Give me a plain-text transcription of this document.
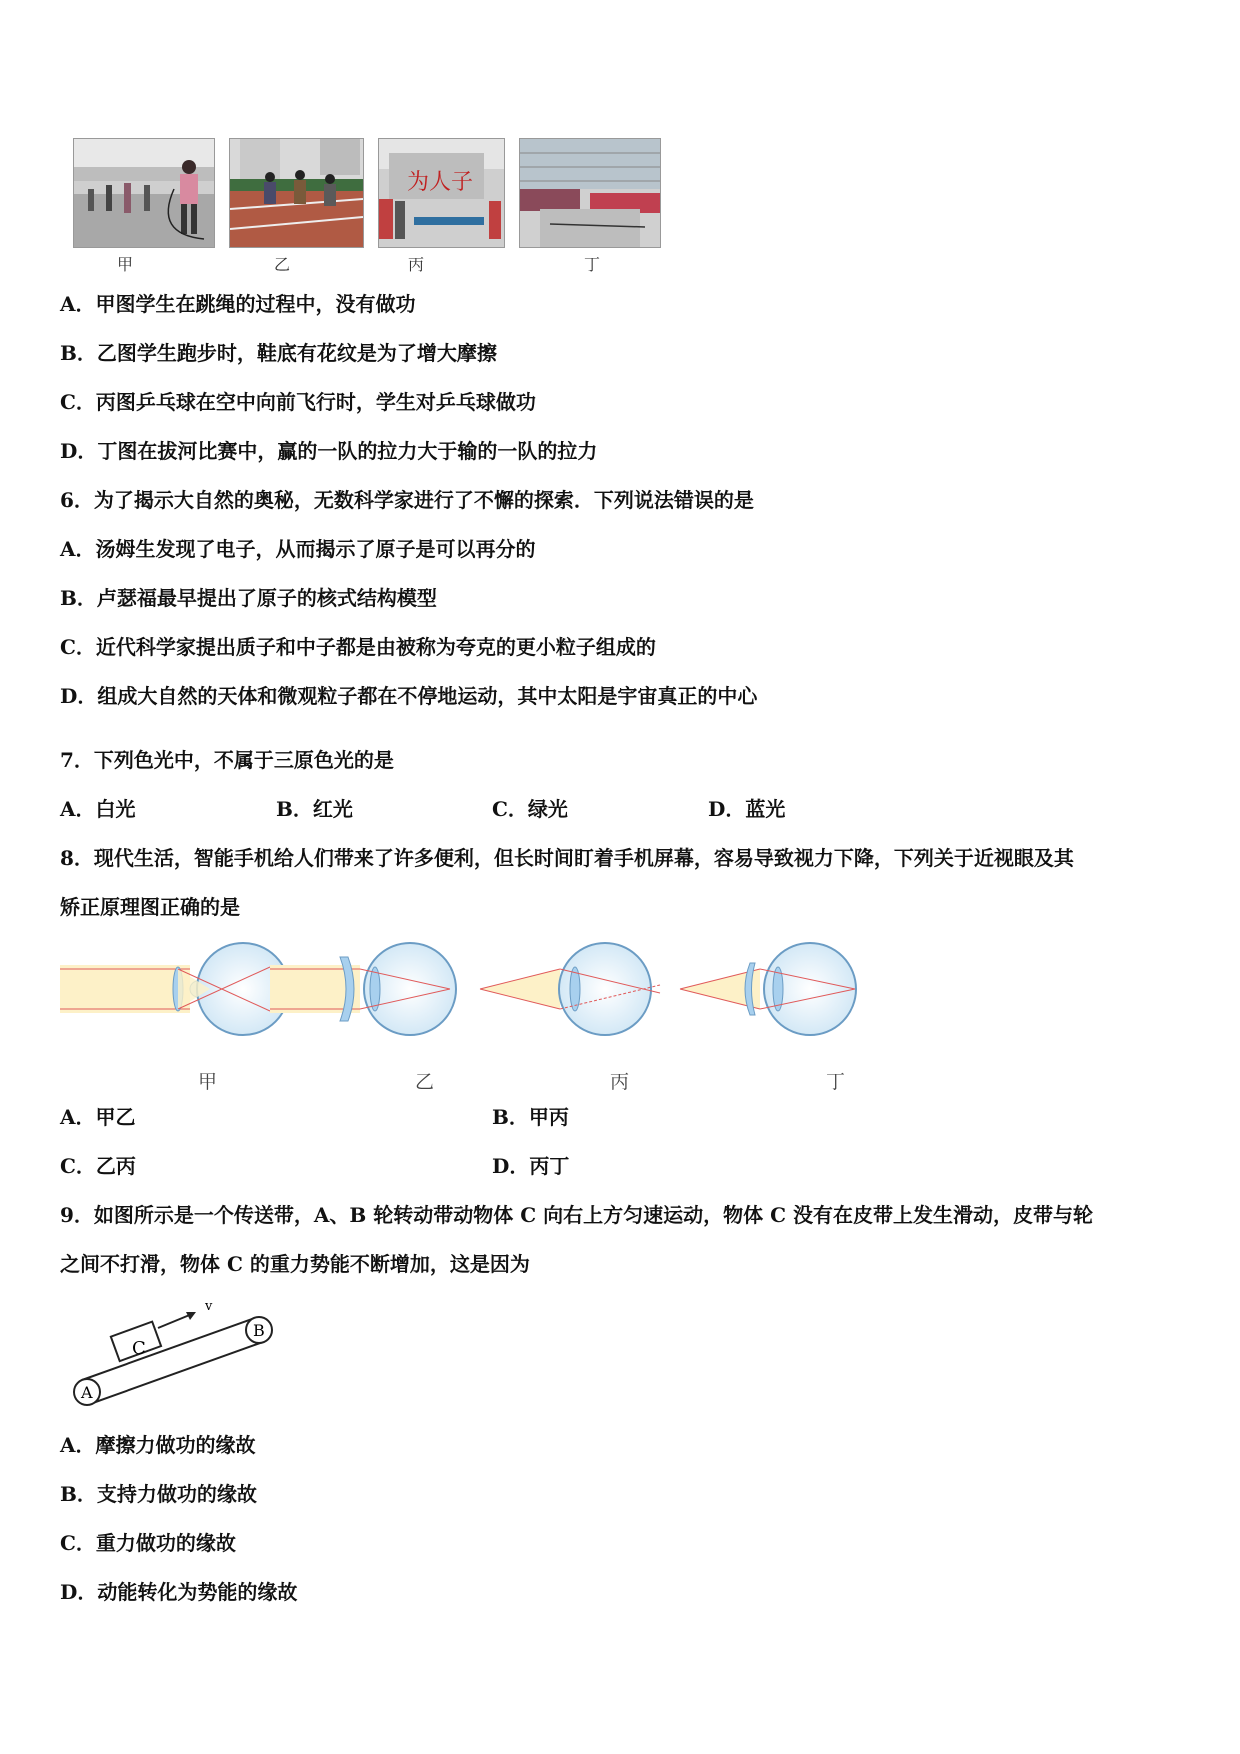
为人子
甲	乙	丙	丁
A．甲图学生在跳绳的过程中，没有做功
B．乙图学生跑步时，鞋底有花纹是为了增大摩擦
C．丙图乒乓球在空中向前飞行时，学生对乒乓球做功
D．丁图在拔河比赛中，赢的一队的拉力大于输的一队的拉力
6．为了揭示大自然的奥秘，无数科学家进行了不懈的探索．下列说法错误的是
A．汤姆生发现了电子，从而揭示了原子是可以再分的
B．卢瑟福最早提出了原子的核式结构模型
C．近代科学家提出质子和中子都是由被称为夸克的更小粒子组成的
D．组成大自然的天体和微观粒子都在不停地运动，其中太阳是宇宙真正的中心
7．下列色光中，不属于三原色光的是
A．白光	B．红光	C．绿光	D．蓝光
8．现代生活，智能手机给人们带来了许多便利，但长时间盯着手机屏幕，容易导致视力下降，下列关于近视眼及其
矫正原理图正确的是
甲	乙	丙	丁
A．甲乙	B．甲丙
C．乙丙	D．丙丁
9．如图所示是一个传送带，A、B 轮转动带动物体 C 向右上方匀速运动，物体 C 没有在皮带上发生滑动，皮带与轮
之间不打滑，物体 C 的重力势能不断增加，这是因为
A
B
C
v
A．摩擦力做功的缘故
B．支持力做功的缘故
C．重力做功的缘故
D．动能转化为势能的缘故
